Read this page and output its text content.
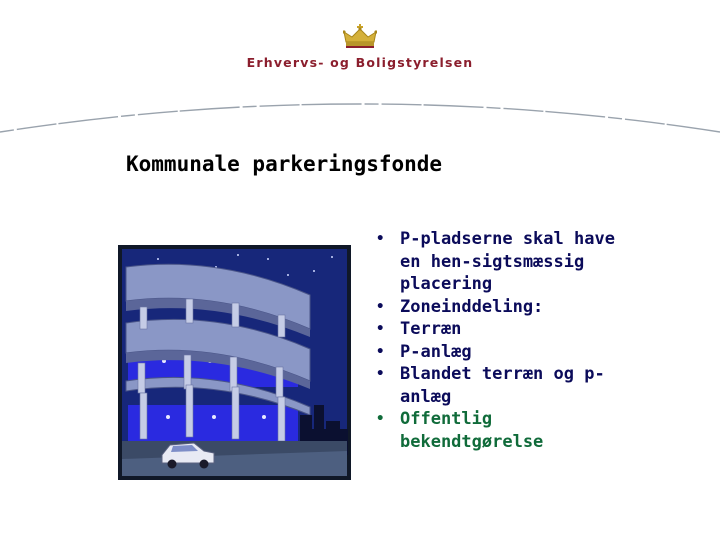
Erhvervs- og Boligstyrelsen
Kommunale parkeringsfonde
• P-pladserne skal have en hen-sigtsmæssig placering
• Zoneinddeling:
• Terræn
• P-anlæg
• Blandet terræn og p-anlæg
• Offentlig bekendtgørelse
